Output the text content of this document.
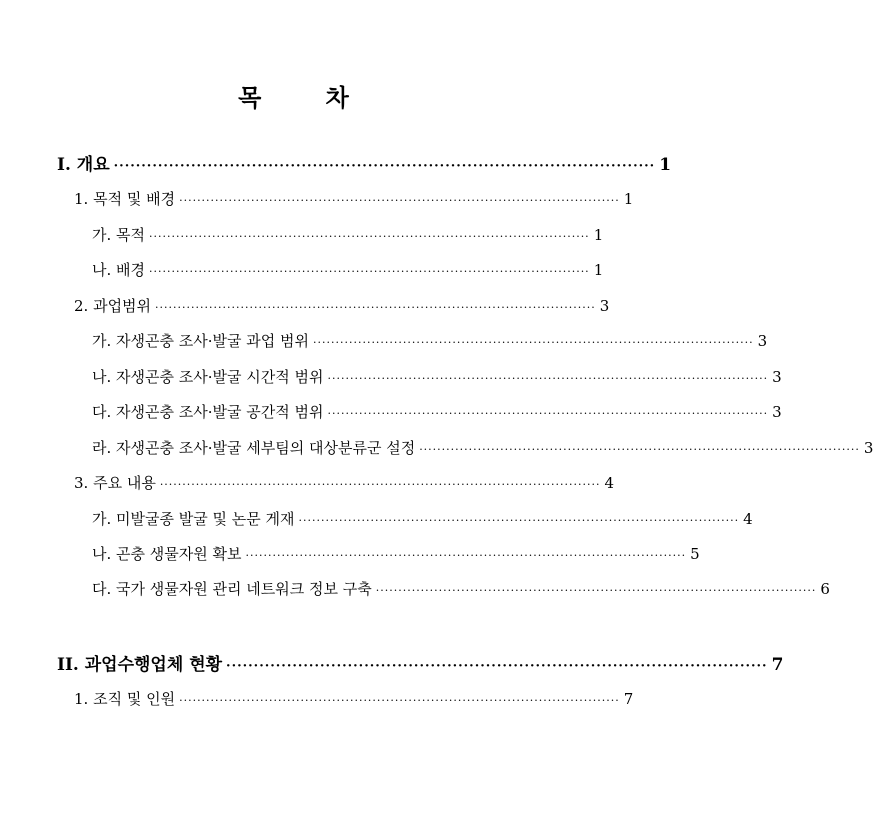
목 차
I. 개요 ·································································································· 1
1. 목적 및 배경 ·································································································· 1
가. 목적 ·································································································· 1
나. 배경 ·································································································· 1
2. 과업범위 ·································································································· 3
가. 자생곤충 조사·발굴 과업 범위 ·································································································· 3
나. 자생곤충 조사·발굴 시간적 범위 ·································································································· 3
다. 자생곤충 조사·발굴 공간적 범위 ·································································································· 3
라. 자생곤충 조사·발굴 세부팀의 대상분류군 설정 ·································································································· 3
3. 주요 내용 ·································································································· 4
가. 미발굴종 발굴 및 논문 게재 ·································································································· 4
나. 곤충 생물자원 확보 ·································································································· 5
다. 국가 생물자원 관리 네트워크 정보 구축 ·································································································· 6
II. 과업수행업체 현황 ·································································································· 7
1. 조직 및 인원 ·································································································· 7
